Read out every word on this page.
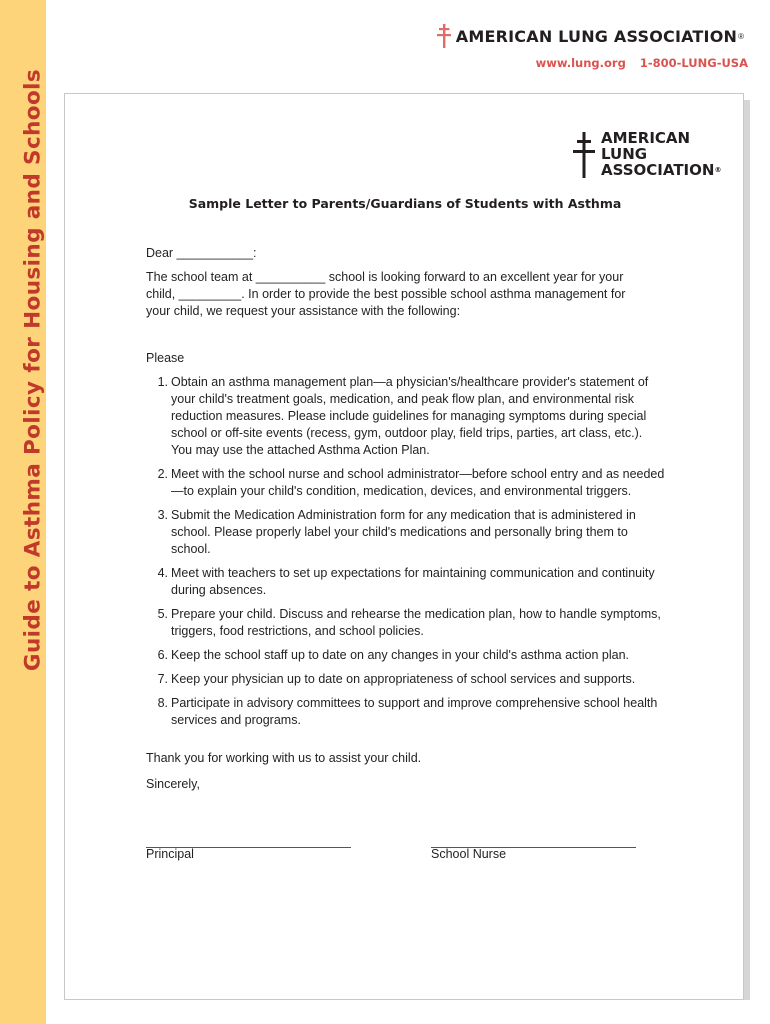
Guide to Asthma Policy for Housing and Schools
AMERICAN LUNG ASSOCIATION ®
www.lung.org 1-800-LUNG-USA
AMERICAN
LUNG
ASSOCIATION®
Sample Letter to Parents/Guardians of Students with Asthma
Dear ___________:
The school team at __________ school is looking forward to an excellent year for your child, _________. In order to provide the best possible school asthma management for your child, we request your assistance with the following:
Please
1. Obtain an asthma management plan—a physician's/healthcare provider's statement of your child's treatment goals, medication, and peak flow plan, and environmental risk reduction measures. Please include guidelines for managing symptoms during special school or off-site events (recess, gym, outdoor play, field trips, parties, art class, etc.). You may use the attached Asthma Action Plan.
2. Meet with the school nurse and school administrator—before school entry and as needed—to explain your child's condition, medication, devices, and environmental triggers.
3. Submit the Medication Administration form for any medication that is administered in school. Please properly label your child's medications and personally bring them to school.
4. Meet with teachers to set up expectations for maintaining communication and continuity during absences.
5. Prepare your child. Discuss and rehearse the medication plan, how to handle symptoms, triggers, food restrictions, and school policies.
6. Keep the school staff up to date on any changes in your child's asthma action plan.
7. Keep your physician up to date on appropriateness of school services and supports.
8. Participate in advisory committees to support and improve comprehensive school health services and programs.
Thank you for working with us to assist your child.
Sincerely,
Principal	School Nurse
